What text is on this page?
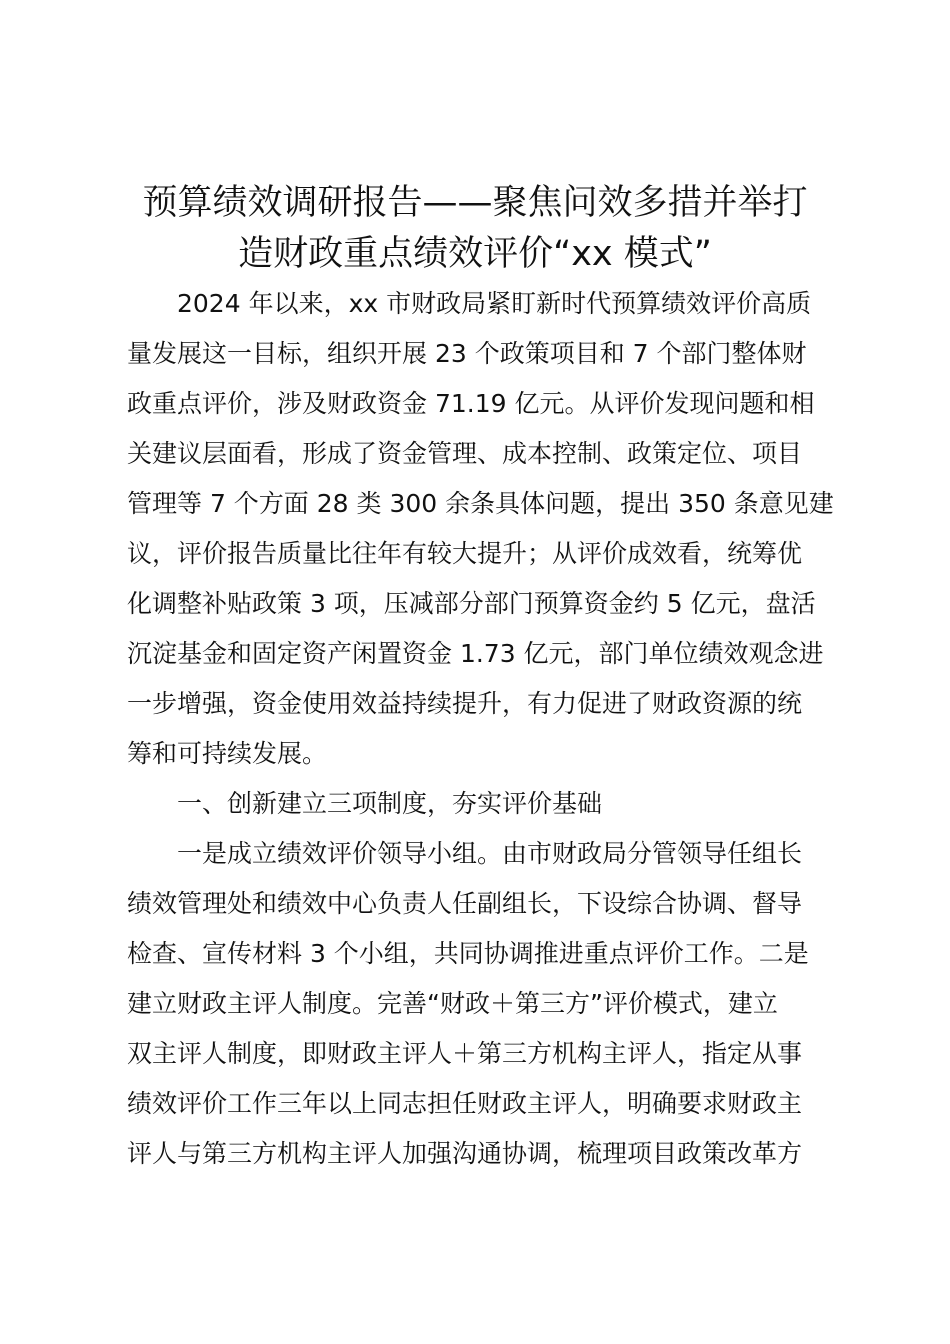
预算绩效调研报告——聚焦问效多措并举打
造财政重点绩效评价“xx 模式”

2024 年以来，xx 市财政局紧盯新时代预算绩效评价高质
量发展这一目标，组织开展 23 个政策项目和 7 个部门整体财
政重点评价，涉及财政资金 71.19 亿元。从评价发现问题和相
关建议层面看，形成了资金管理、成本控制、政策定位、项目
管理等 7 个方面 28 类 300 余条具体问题，提出 350 条意见建
议，评价报告质量比往年有较大提升；从评价成效看，统筹优
化调整补贴政策 3 项，压减部分部门预算资金约 5 亿元，盘活
沉淀基金和固定资产闲置资金 1.73 亿元，部门单位绩效观念进
一步增强，资金使用效益持续提升，有力促进了财政资源的统
筹和可持续发展。

一、创新建立三项制度，夯实评价基础

一是成立绩效评价领导小组。由市财政局分管领导任组长
绩效管理处和绩效中心负责人任副组长，下设综合协调、督导
检查、宣传材料 3 个小组，共同协调推进重点评价工作。二是
建立财政主评人制度。完善“财政＋第三方”评价模式，建立
双主评人制度，即财政主评人＋第三方机构主评人，指定从事
绩效评价工作三年以上同志担任财政主评人，明确要求财政主
评人与第三方机构主评人加强沟通协调，梳理项目政策改革方
